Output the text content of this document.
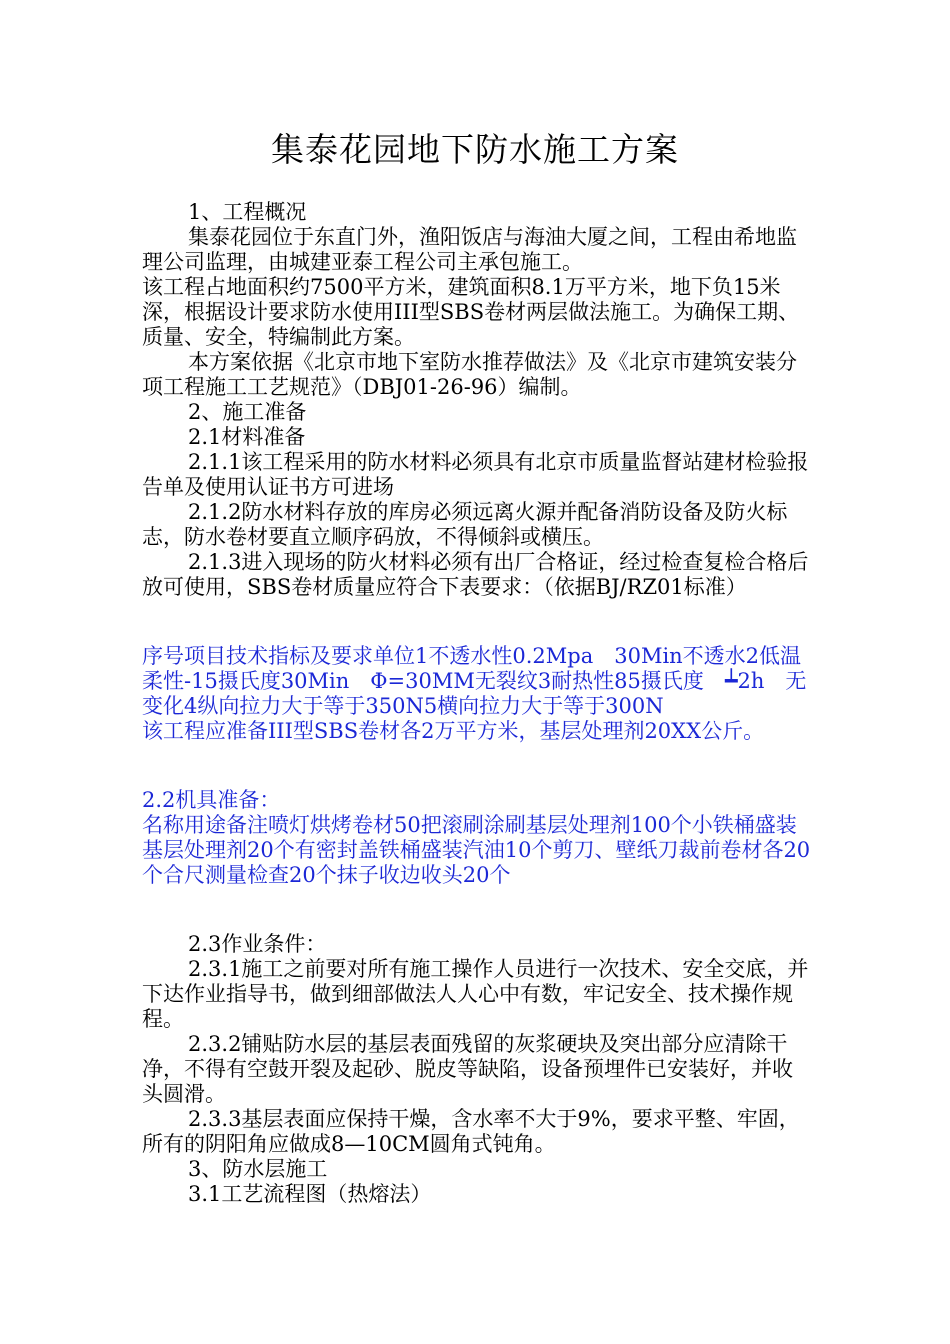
集泰花园地下防水施工方案

1、工程概况

集泰花园位于东直门外，渔阳饭店与海油大厦之间，工程由希地监理公司监理，由城建亚泰工程公司主承包施工。

该工程占地面积约7500平方米，建筑面积8.1万平方米，地下负15米深，根据设计要求防水使用III型SBS卷材两层做法施工。为确保工期、质量、安全，特编制此方案。

本方案依据《北京市地下室防水推荐做法》及《北京市建筑安装分项工程施工工艺规范》（DBJ01-26-96）编制。

2、施工准备

2.1材料准备

2.1.1该工程采用的防水材料必须具有北京市质量监督站建材检验报告单及使用认证书方可进场

2.1.2防水材料存放的库房必须远离火源并配备消防设备及防火标志，防水卷材要直立顺序码放，不得倾斜或横压。

2.1.3进入现场的防火材料必须有出厂合格证，经过检查复检合格后放可使用，SBS卷材质量应符合下表要求：（依据BJ/RZ01标准）

序号项目技术指标及要求单位1不透水性0.2Mpa　30Min不透水2低温柔性-15摄氏度30Min　Φ=30MM无裂纹3耐热性85摄氏度　┷2h　无变化4纵向拉力大于等于350N5横向拉力大于等于300N

该工程应准备III型SBS卷材各2万平方米，基层处理剂20XX公斤。

2.2机具准备：

名称用途备注喷灯烘烤卷材50把滚刷涂刷基层处理剂100个小铁桶盛装基层处理剂20个有密封盖铁桶盛装汽油10个剪刀、壁纸刀裁前卷材各20个合尺测量检查20个抹子收边收头20个

2.3作业条件：

2.3.1施工之前要对所有施工操作人员进行一次技术、安全交底，并下达作业指导书，做到细部做法人人心中有数，牢记安全、技术操作规程。

2.3.2铺贴防水层的基层表面残留的灰浆硬块及突出部分应清除干净，不得有空鼓开裂及起砂、脱皮等缺陷，设备预埋件已安装好，并收头圆滑。

2.3.3基层表面应保持干燥，含水率不大于9%，要求平整、牢固，所有的阴阳角应做成8—10CM圆角式钝角。

3、防水层施工

3.1工艺流程图（热熔法）
